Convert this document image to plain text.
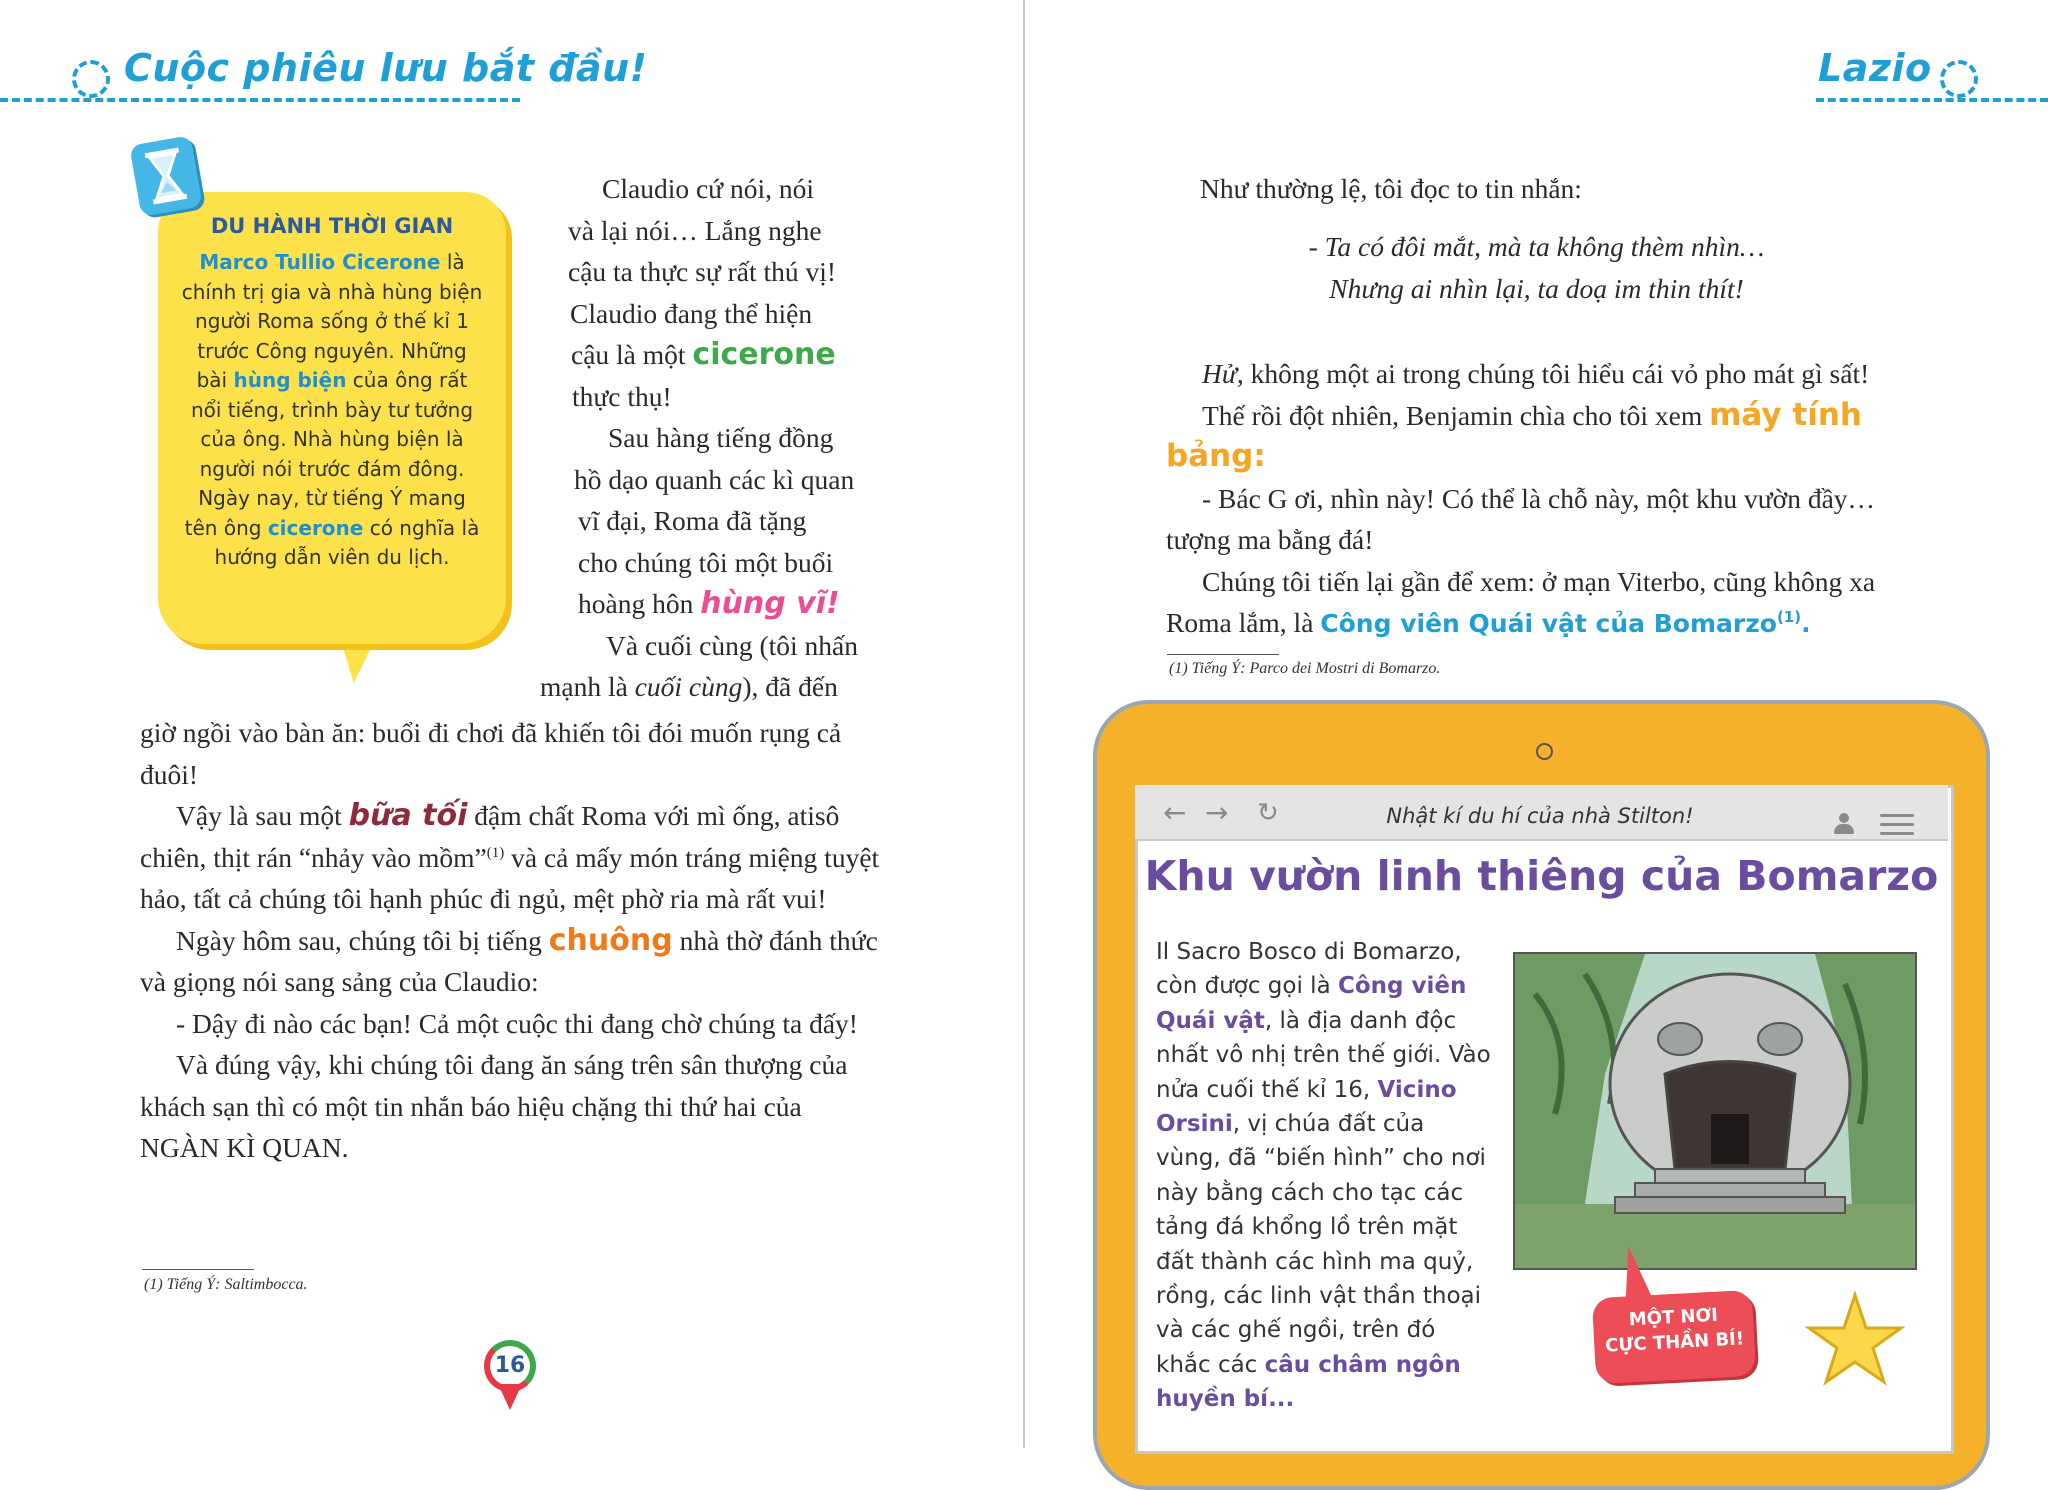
Cuộc phiêu lưu bắt đầu!	Lazio
DU HÀNH THỜI GIAN
Marco Tullio Cicerone là chính trị gia và nhà hùng biện người Roma sống ở thế kỉ 1 trước Công nguyên. Những bài hùng biện của ông rất nổi tiếng, trình bày tư tưởng của ông. Nhà hùng biện là người nói trước đám đông. Ngày nay, từ tiếng Ý mang tên ông cicerone có nghĩa là hướng dẫn viên du lịch.

Claudio cứ nói, nói

và lại nói… Lắng nghe

cậu ta thực sự rất thú vị!

Claudio đang thể hiện

cậu là một cicerone

thực thụ!

Sau hàng tiếng đồng

hồ dạo quanh các kì quan

vĩ đại, Roma đã tặng

cho chúng tôi một buổi

hoàng hôn hùng vĩ!

Và cuối cùng (tôi nhấn

mạnh là cuối cùng), đã đến

giờ ngồi vào bàn ăn: buổi đi chơi đã khiến tôi đói muốn rụng cả đuôi!

Vậy là sau một bữa tối đậm chất Roma với mì ống, atisô chiên, thịt rán “nhảy vào mồm”$^{(1)}$ và cả mấy món tráng miệng tuyệt hảo, tất cả chúng tôi hạnh phúc đi ngủ, mệt phờ ria mà rất vui!

Ngày hôm sau, chúng tôi bị tiếng chuông nhà thờ đánh thức và giọng nói sang sảng của Claudio:

- Dậy đi nào các bạn! Cả một cuộc thi đang chờ chúng ta đấy!

Và đúng vậy, khi chúng tôi đang ăn sáng trên sân thượng của khách sạn thì có một tin nhắn báo hiệu chặng thi thứ hai của NGÀN KÌ QUAN.

(1) Tiếng Ý: Saltimbocca.
16
Như thường lệ, tôi đọc to tin nhắn:
- Ta có đôi mắt, mà ta không thèm nhìn…
Nhưng ai nhìn lại, ta doạ im thin thít!

Hử, không một ai trong chúng tôi hiểu cái vỏ pho mát gì sất!

Thế rồi đột nhiên, Benjamin chìa cho tôi xem máy tính bảng:

- Bác G ơi, nhìn này! Có thể là chỗ này, một khu vườn đầy… tượng ma bằng đá!

Chúng tôi tiến lại gần để xem: ở mạn Viterbo, cũng không xa Roma lắm, là Công viên Quái vật của Bomarzo$^{(1)}$.

(1) Tiếng Ý: Parco dei Mostri di Bomarzo.
← → ↻	Nhật kí du hí của nhà Stilton!
Khu vườn linh thiêng của Bomarzo
Il Sacro Bosco di Bomarzo, còn được gọi là Công viên Quái vật, là địa danh độc nhất vô nhị trên thế giới. Vào nửa cuối thế kỉ 16, Vicino Orsini, vị chúa đất của vùng, đã “biến hình” cho nơi này bằng cách cho tạc các tảng đá khổng lồ trên mặt đất thành các hình ma quỷ, rồng, các linh vật thần thoại và các ghế ngồi, trên đó khắc các câu châm ngôn huyền bí...
MỘT NƠI
CỰC THẦN BÍ!
